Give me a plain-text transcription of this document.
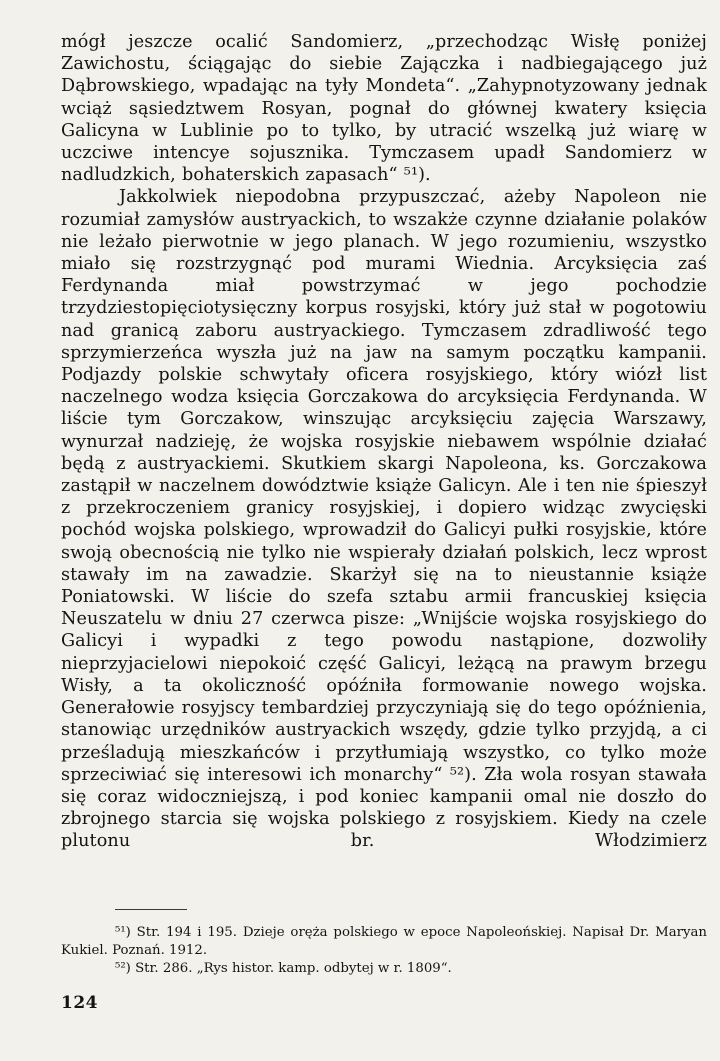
mógł jeszcze ocalić Sandomierz, „przechodząc Wisłę poniżej Zawichostu, ściągając do siebie Zajączka i nadbiegającego już Dąbrowskiego, wpadając na tyły Mondeta“. „Zahypnotyzowany jednak wciąż sąsiedztwem Rosyan, pognał do głównej kwatery księcia Galicyna w Lublinie po to tylko, by utracić wszelką już wiarę w uczciwe intencye sojusznika. Tymczasem upadł Sandomierz w nadludzkich, bohaterskich zapasach“ ⁵¹).

Jakkolwiek niepodobna przypuszczać, ażeby Napoleon nie rozumiał zamysłów austryackich, to wszakże czynne działanie polaków nie leżało pierwotnie w jego planach. W jego rozumieniu, wszystko miało się rozstrzygnąć pod murami Wiednia. Arcyksięcia zaś Ferdynanda miał powstrzymać w jego pochodzie trzydziestopięciotysięczny korpus rosyjski, który już stał w pogotowiu nad granicą zaboru austryackiego. Tymczasem zdradliwość tego sprzymierzeńca wyszła już na jaw na samym początku kampanii. Podjazdy polskie schwytały oficera rosyjskiego, który wiózł list naczelnego wodza księcia Gorczakowa do arcyksięcia Ferdynanda. W liście tym Gorczakow, winszując arcyksięciu zajęcia Warszawy, wynurzał nadzieję, że wojska rosyjskie niebawem wspólnie działać będą z austryackiemi. Skutkiem skargi Napoleona, ks. Gorczakowa zastąpił w naczelnem dowództwie książe Galicyn. Ale i ten nie śpieszył z przekroczeniem granicy rosyjskiej, i dopiero widząc zwycięski pochód wojska polskiego, wprowadził do Galicyi pułki rosyjskie, które swoją obecnością nie tylko nie wspierały działań polskich, lecz wprost stawały im na zawadzie. Skarżył się na to nieustannie książe Poniatowski. W liście do szefa sztabu armii francuskiej księcia Neuszatelu w dniu 27 czerwca pisze: „Wnijście wojska rosyjskiego do Galicyi i wypadki z tego powodu nastąpione, dozwoliły nieprzyjacielowi niepokoić część Galicyi, leżącą na prawym brzegu Wisły, a ta okoliczność opóźniła formowanie nowego wojska. Generałowie rosyjscy tembardziej przyczyniają się do tego opóźnienia, stanowiąc urzędników austryackich wszędy, gdzie tylko przyjdą, a ci prześladują mieszkańców i przytłumiają wszystko, co tylko może sprzeciwiać się interesowi ich monarchy“ ⁵²). Zła wola rosyan stawała się coraz widoczniejszą, i pod koniec kampanii omal nie doszło do zbrojnego starcia się wojska polskiego z rosyjskiem. Kiedy na czele plutonu br. Włodzimierz

⁵¹) Str. 194 i 195. Dzieje oręża polskiego w epoce Napoleońskiej. Napisał Dr. Maryan Kukiel. Poznań. 1912.

⁵²) Str. 286. „Rys histor. kamp. odbytej w r. 1809“.

124
